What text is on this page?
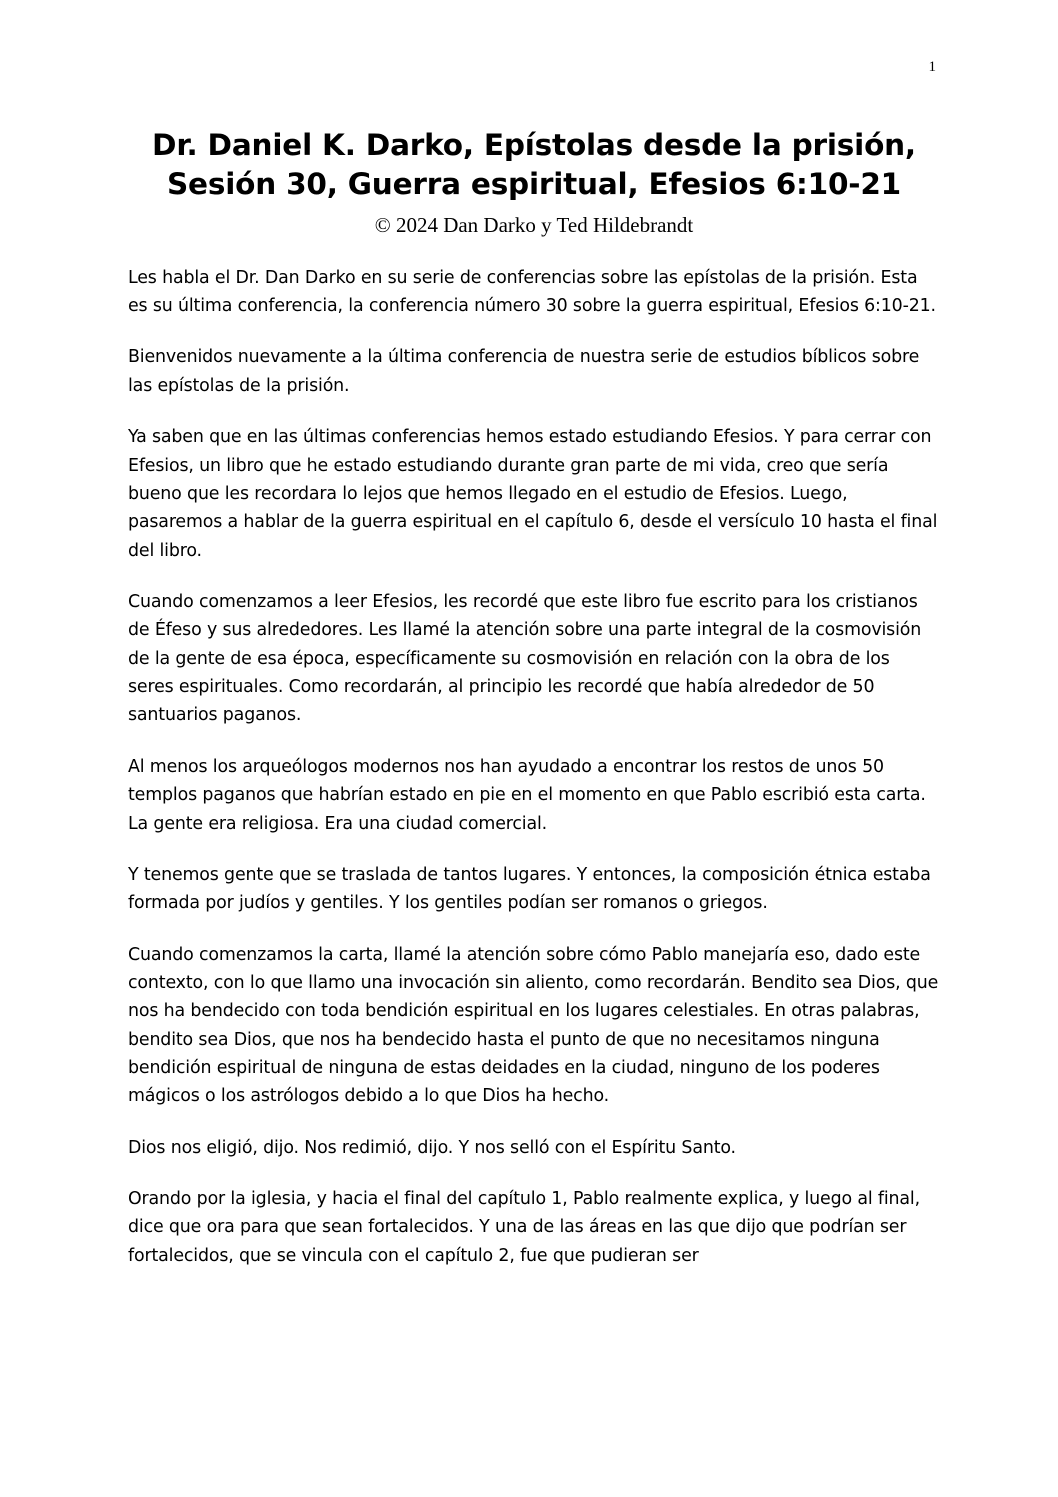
1
Dr. Daniel K. Darko, Epístolas desde la prisión, Sesión 30, Guerra espiritual, Efesios 6:10-21
© 2024 Dan Darko y Ted Hildebrandt

Les habla el Dr. Dan Darko en su serie de conferencias sobre las epístolas de la prisión. Esta es su última conferencia, la conferencia número 30 sobre la guerra espiritual, Efesios 6:10-21.

Bienvenidos nuevamente a la última conferencia de nuestra serie de estudios bíblicos sobre las epístolas de la prisión.

Ya saben que en las últimas conferencias hemos estado estudiando Efesios. Y para cerrar con Efesios, un libro que he estado estudiando durante gran parte de mi vida, creo que sería bueno que les recordara lo lejos que hemos llegado en el estudio de Efesios. Luego, pasaremos a hablar de la guerra espiritual en el capítulo 6, desde el versículo 10 hasta el final del libro.

Cuando comenzamos a leer Efesios, les recordé que este libro fue escrito para los cristianos de Éfeso y sus alrededores. Les llamé la atención sobre una parte integral de la cosmovisión de la gente de esa época, específicamente su cosmovisión en relación con la obra de los seres espirituales. Como recordarán, al principio les recordé que había alrededor de 50 santuarios paganos.

Al menos los arqueólogos modernos nos han ayudado a encontrar los restos de unos 50 templos paganos que habrían estado en pie en el momento en que Pablo escribió esta carta. La gente era religiosa. Era una ciudad comercial.

Y tenemos gente que se traslada de tantos lugares. Y entonces, la composición étnica estaba formada por judíos y gentiles. Y los gentiles podían ser romanos o griegos.

Cuando comenzamos la carta, llamé la atención sobre cómo Pablo manejaría eso, dado este contexto, con lo que llamo una invocación sin aliento, como recordarán. Bendito sea Dios, que nos ha bendecido con toda bendición espiritual en los lugares celestiales. En otras palabras, bendito sea Dios, que nos ha bendecido hasta el punto de que no necesitamos ninguna bendición espiritual de ninguna de estas deidades en la ciudad, ninguno de los poderes mágicos o los astrólogos debido a lo que Dios ha hecho.

Dios nos eligió, dijo. Nos redimió, dijo. Y nos selló con el Espíritu Santo.

Orando por la iglesia, y hacia el final del capítulo 1, Pablo realmente explica, y luego al final, dice que ora para que sean fortalecidos. Y una de las áreas en las que dijo que podrían ser fortalecidos, que se vincula con el capítulo 2, fue que pudieran ser
